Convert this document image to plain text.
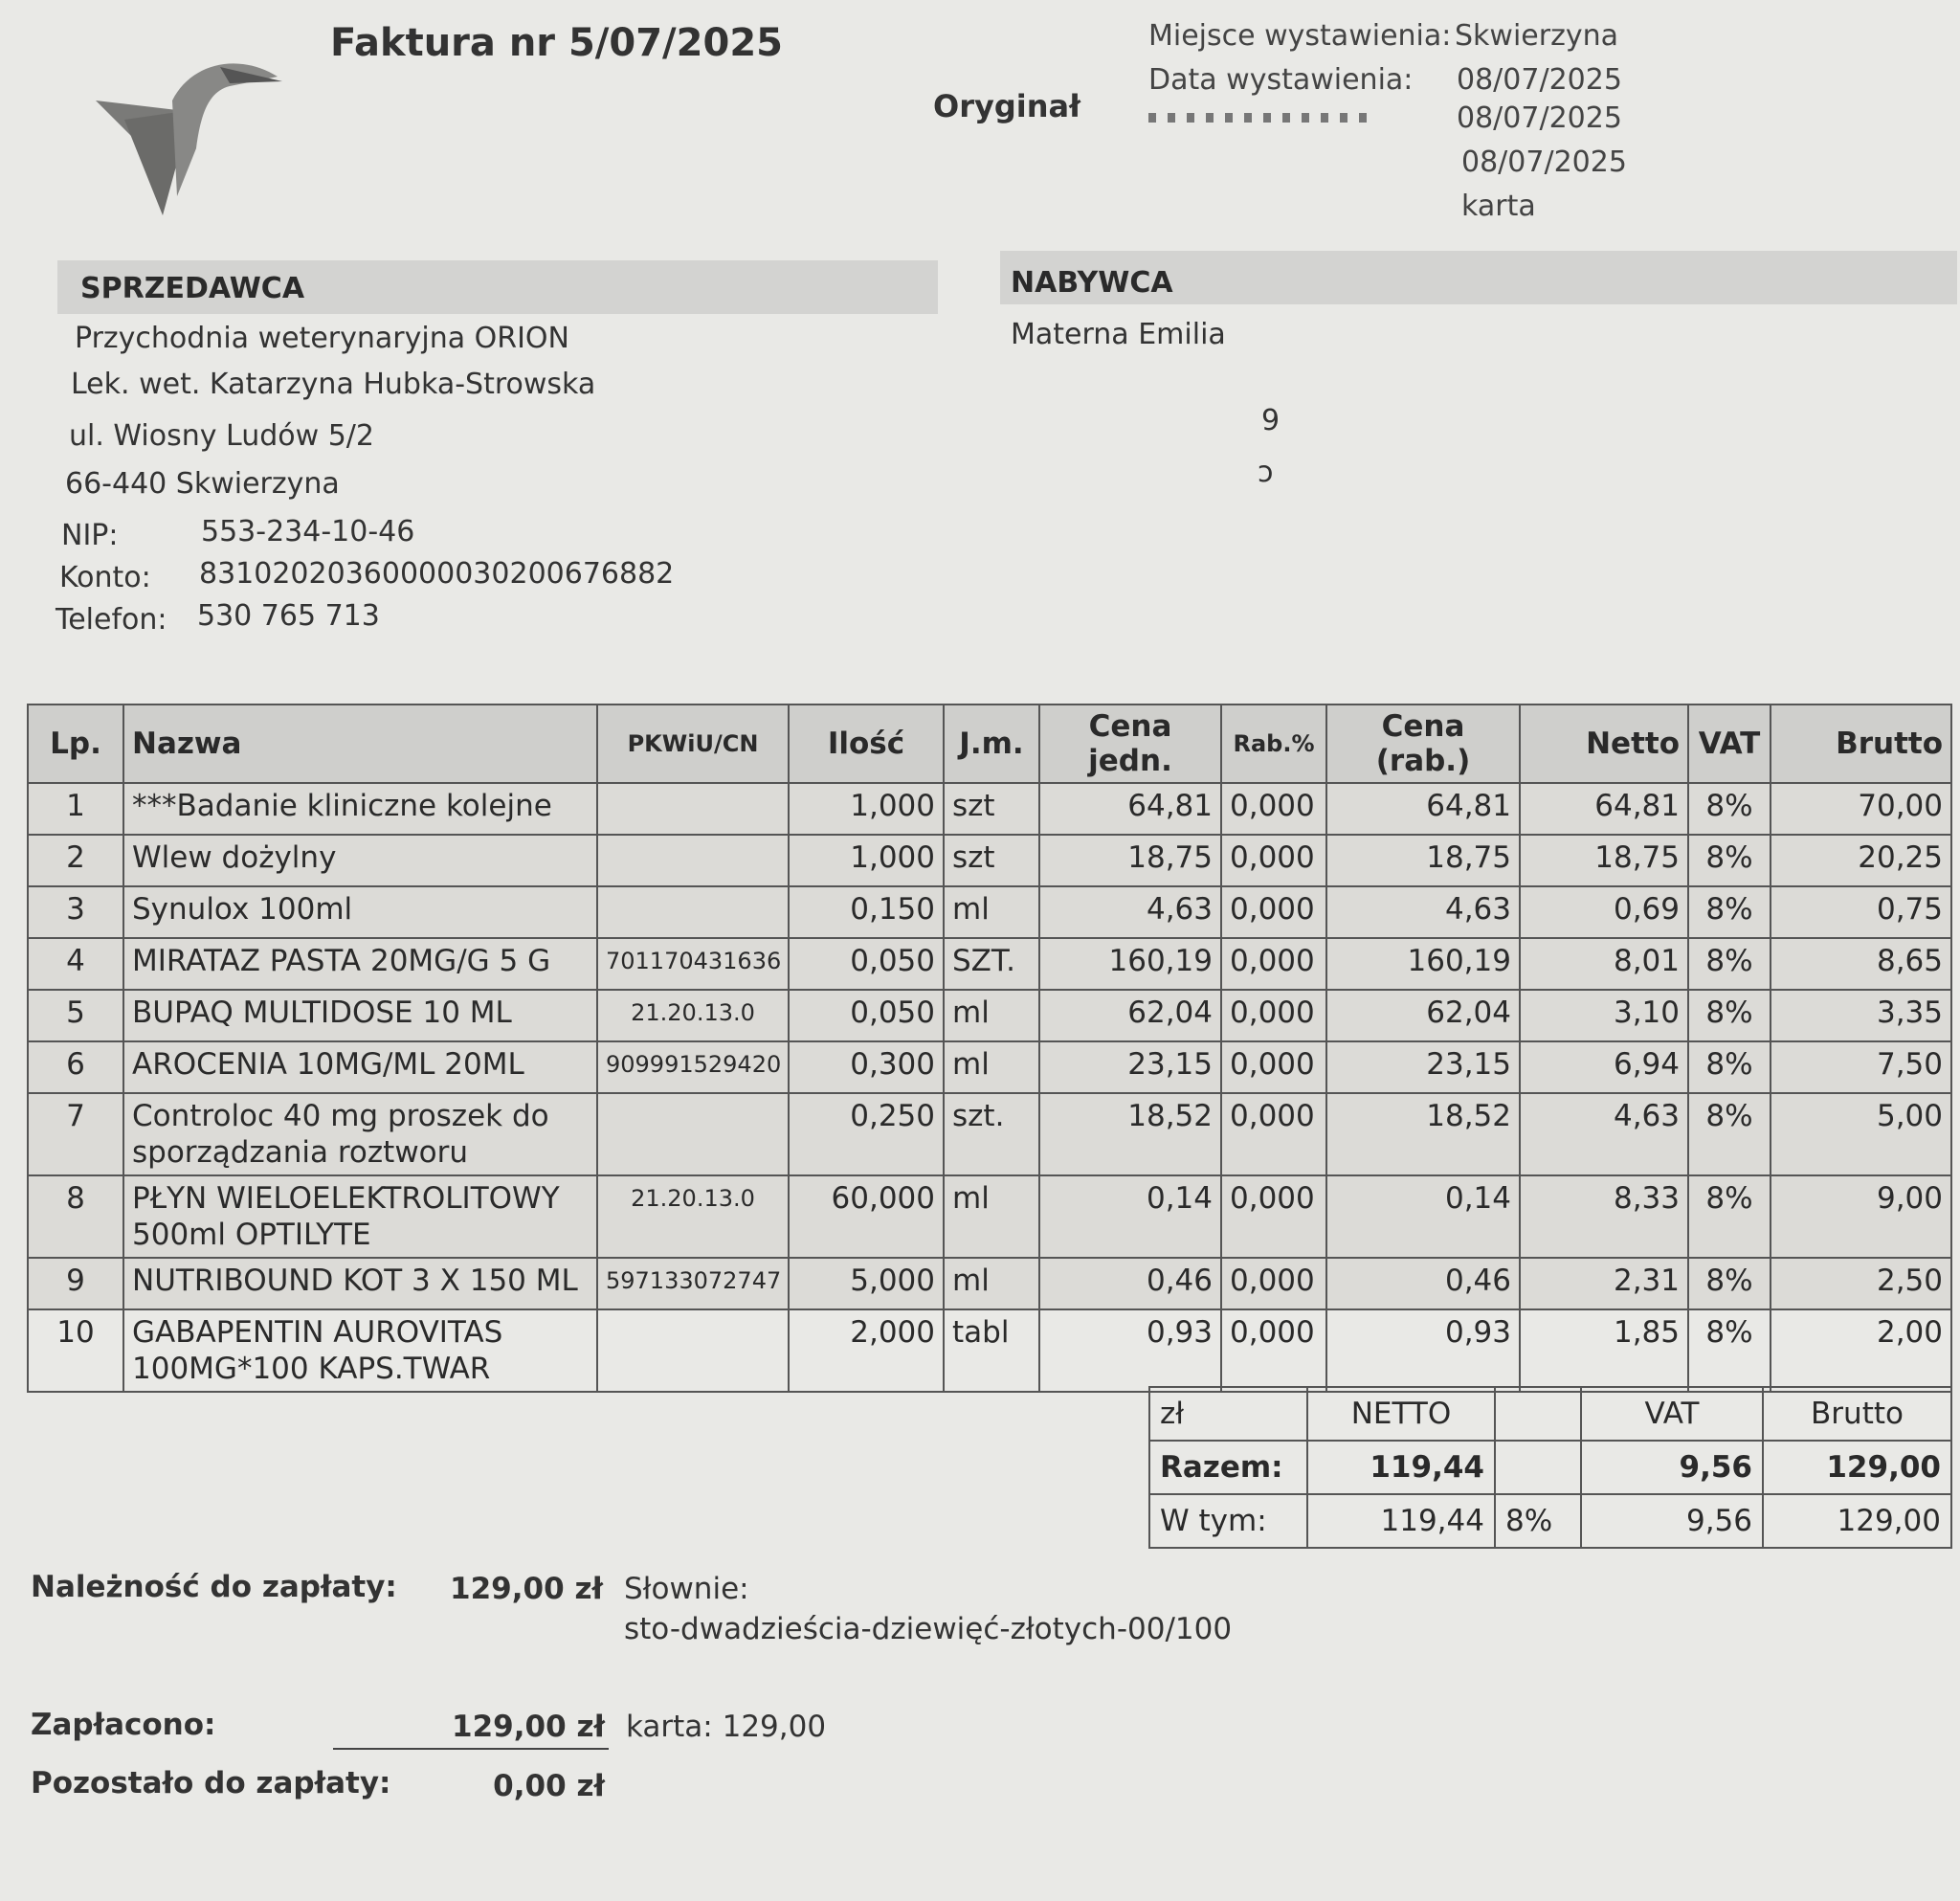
Faktura nr 5/07/2025
Oryginał
Miejsce wystawienia: Skwierzyna
Data wystawienia: 08/07/2025
08/07/2025
08/07/2025
karta
SPRZEDAWCA	NABYWCA
Przychodnia weterynaryjna ORION
Lek. wet. Katarzyna Hubka-Strowska
ul. Wiosny Ludów 5/2
66-440 Skwierzyna
NIP:	553-234-10-46
Konto: 83102020360000030200676882
Telefon: 530 765 713
Materna Emilia
9
ↄ
Lp.	Nazwa	PKWiU/CN	Ilość	J.m.	Cena jedn.	Rab.%	Cena (rab.)	Netto	VAT	Brutto
1	***Badanie kliniczne kolejne		1,000	szt	64,81	0,000	64,81	64,81	8%	70,00
2	Wlew dożylny		1,000	szt	18,75	0,000	18,75	18,75	8%	20,25
3	Synulox 100ml		0,150	ml	4,63	0,000	4,63	0,69	8%	0,75
4	MIRATAZ PASTA 20MG/G 5 G	701170431636	0,050	SZT.	160,19	0,000	160,19	8,01	8%	8,65
5	BUPAQ MULTIDOSE 10 ML	21.20.13.0	0,050	ml	62,04	0,000	62,04	3,10	8%	3,35
6	AROCENIA 10MG/ML 20ML	909991529420	0,300	ml	23,15	0,000	23,15	6,94	8%	7,50
7	Controloc 40 mg proszek do sporządzania roztworu		0,250	szt.	18,52	0,000	18,52	4,63	8%	5,00
8	PŁYN WIELOELEKTROLITOWY 500ml OPTILYTE	21.20.13.0	60,000	ml	0,14	0,000	0,14	8,33	8%	9,00
9	NUTRIBOUND KOT 3 X 150 ML	597133072747	5,000	ml	0,46	0,000	0,46	2,31	8%	2,50
10	GABAPENTIN AUROVITAS 100MG*100 KAPS.TWAR		2,000	tabl	0,93	0,000	0,93	1,85	8%	2,00
zł	NETTO		VAT	Brutto
Razem:	119,44		9,56	129,00
W tym:	119,44	8%	9,56	129,00
Należność do zapłaty:	129,00 zł Słownie:
sto-dwadzieścia-dziewięć-złotych-00/100
Zapłacono:	129,00 zł karta: 129,00
Pozostało do zapłaty:	0,00 zł
